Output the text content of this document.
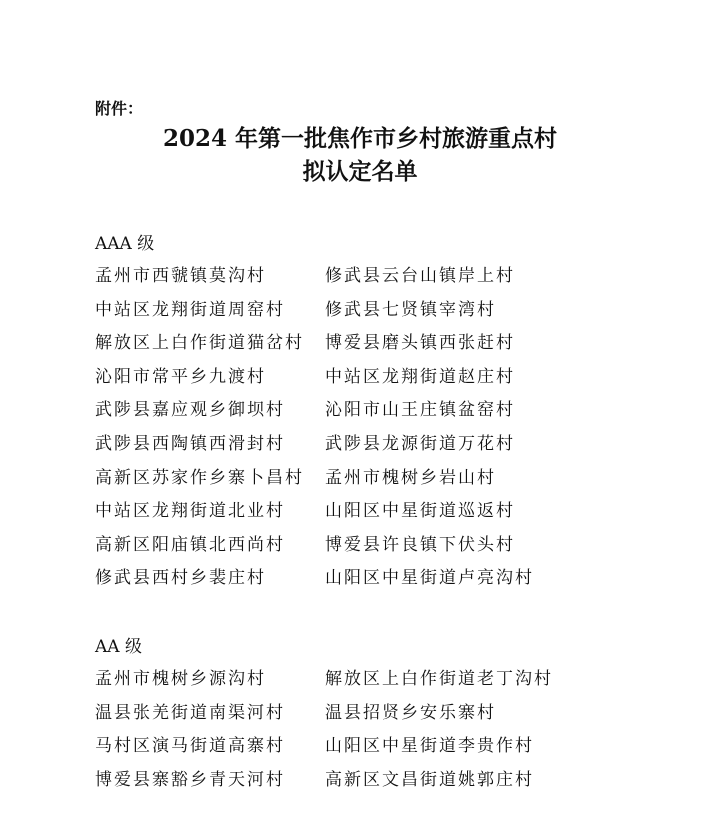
附件：
2024 年第一批焦作市乡村旅游重点村
拟认定名单
AAA 级
孟州市西虢镇莫沟村	修武县云台山镇岸上村
中站区龙翔街道周窑村	修武县七贤镇宰湾村
解放区上白作街道猫岔村	博爱县磨头镇西张赶村
沁阳市常平乡九渡村	中站区龙翔街道赵庄村
武陟县嘉应观乡御坝村	沁阳市山王庄镇盆窑村
武陟县西陶镇西滑封村	武陟县龙源街道万花村
高新区苏家作乡寨卜昌村	孟州市槐树乡岩山村
中站区龙翔街道北业村	山阳区中星街道巡返村
高新区阳庙镇北西尚村	博爱县许良镇下伏头村
修武县西村乡裴庄村	山阳区中星街道卢亮沟村
AA 级
孟州市槐树乡源沟村	解放区上白作街道老丁沟村
温县张羌街道南渠河村	温县招贤乡安乐寨村
马村区演马街道高寨村	山阳区中星街道李贵作村
博爱县寨豁乡青天河村	高新区文昌街道姚郭庄村
